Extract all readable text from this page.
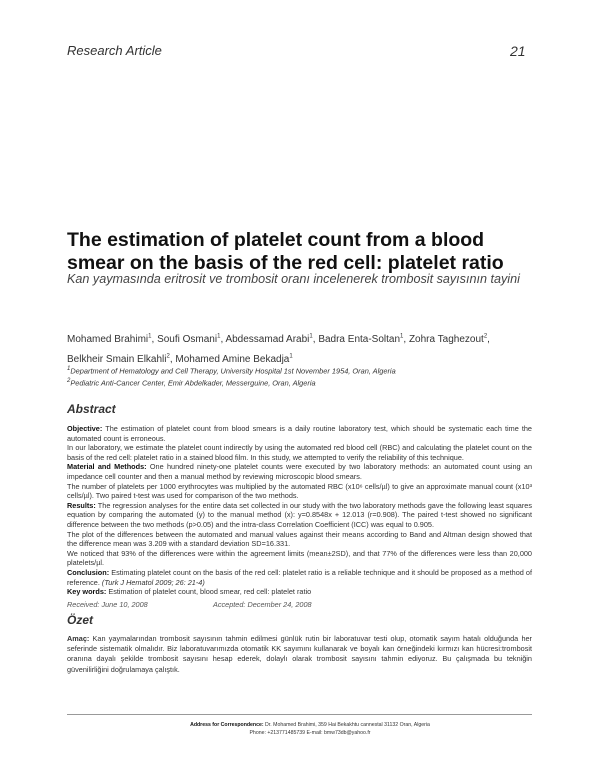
Research Article	21
The estimation of platelet count from a blood smear on the basis of the red cell: platelet ratio
Kan yaymasında eritrosit ve trombosit oranı incelenerek trombosit sayısının tayini
Mohamed Brahimi$^1$, Soufi Osmani$^1$, Abdessamad Arabi$^1$, Badra Enta-Soltan$^1$, Zohra Taghezout$^2$,
Belkheir Smain Elkahli$^2$, Mohamed Amine Bekadja$^1$
$^1$Department of Hematology and Cell Therapy, University Hospital 1st November 1954, Oran, Algeria
$^2$Pediatric Anti-Cancer Center, Emir Abdelkader, Messerguine, Oran, Algeria
Abstract

Objective: The estimation of platelet count from blood smears is a daily routine laboratory test, which should be systematic each time the automated count is erroneous.

In our laboratory, we estimate the platelet count indirectly by using the automated red blood cell (RBC) and calculating the platelet count on the basis of the red cell: platelet ratio in a stained blood film. In this study, we attempted to verify the reliability of this technique.

Material and Methods: One hundred ninety-one platelet counts were executed by two laboratory methods: an automated count using an impedance cell counter and then a manual method by reviewing microscopic blood smears.

The number of platelets per 1000 erythrocytes was multiplied by the automated RBC (x10⁶ cells/µl) to give an approximate manual count (x10³ cells/µl). Two paired t-test was used for comparison of the two methods.

Results: The regression analyses for the entire data set collected in our study with the two laboratory methods gave the following least squares equation by comparing the automated (y) to the manual method (x): y=0.8548x + 12.013 (r=0.908). The paired t-test showed no significant difference between the two methods (p>0.05) and the intra-class Correlation Coefficient (ICC) was equal to 0.905.

The plot of the differences between the automated and manual values against their means according to Band and Altman design showed that the difference mean was 3.209 with a standard deviation SD=16.331.

We noticed that 93% of the differences were within the agreement limits (mean±2SD), and that 77% of the differences were less than 20,000 platelets/µl.

Conclusion: Estimating platelet count on the basis of the red cell: platelet ratio is a reliable technique and it should be proposed as a method of reference. (Turk J Hematol 2009; 26: 21-4)

Key words: Estimation of platelet count, blood smear, red cell: platelet ratio

Received: June 10, 2008	Accepted: December 24, 2008
Özet

Amaç: Kan yaymalarından trombosit sayısının tahmin edilmesi günlük rutin bir laboratuvar testi olup, otomatik sayım hatalı olduğunda her seferinde sistematik olmalıdır. Biz laboratuvarımızda otomatik KK sayımını kullanarak ve boyalı kan örneğindeki kırmızı kan hücresi:trombosit oranına dayalı şekilde trombosit sayısını hesap ederek, dolaylı olarak trombosit sayısını tahmin ediyoruz. Bu çalışmada bu tekniğin güvenilirliğini doğrulamaya çalıştık.

Address for Correspondence: Dr. Mohamed Brahimi, 359 Hai Bekakhtu cannestal 31132 Oran, Algeria
Phone: +213771485739 E-mail: bmw73db@yahoo.fr
